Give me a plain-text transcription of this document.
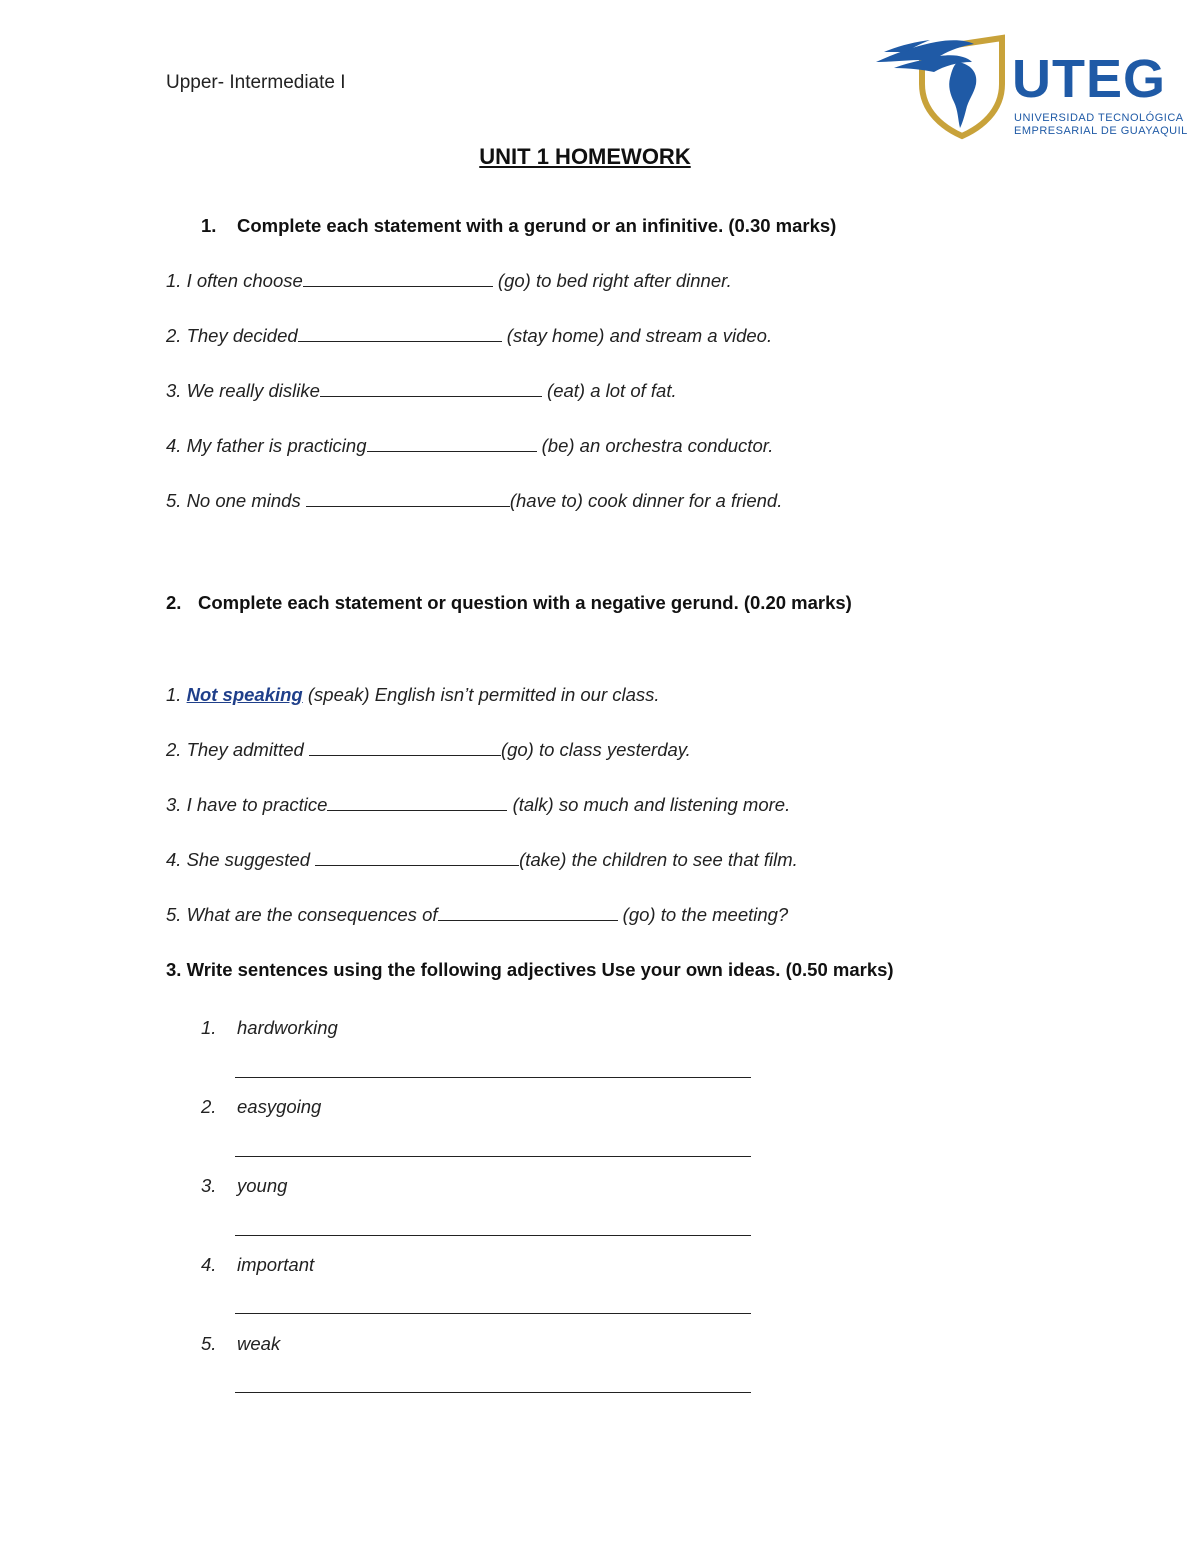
Upper- Intermediate I	UTEG
UNIVERSIDAD TECNOLÓGICA
EMPRESARIAL DE GUAYAQUIL
UNIT 1 HOMEWORK
1. Complete each statement with a gerund or an infinitive. (0.30 marks)
1. I often choose	(go) to bed right after dinner.
2. They decided	(stay home) and stream a video.
3. We really dislike	(eat) a lot of fat.
4. My father is practicing	(be) an orchestra conductor.
5. No one minds	(have to) cook dinner for a friend.
2. Complete each statement or question with a negative gerund. (0.20 marks)
1. Not speaking (speak) English isn’t permitted in our class.
2. They admitted	(go) to class yesterday.
3. I have to practice	(talk) so much and listening more.
4. She suggested	(take) the children to see that film.
5. What are the consequences of	(go) to the meeting?
3. Write sentences using the following adjectives Use your own ideas. (0.50 marks)
1. hardworking
2. easygoing
3. young
4. important
5. weak
